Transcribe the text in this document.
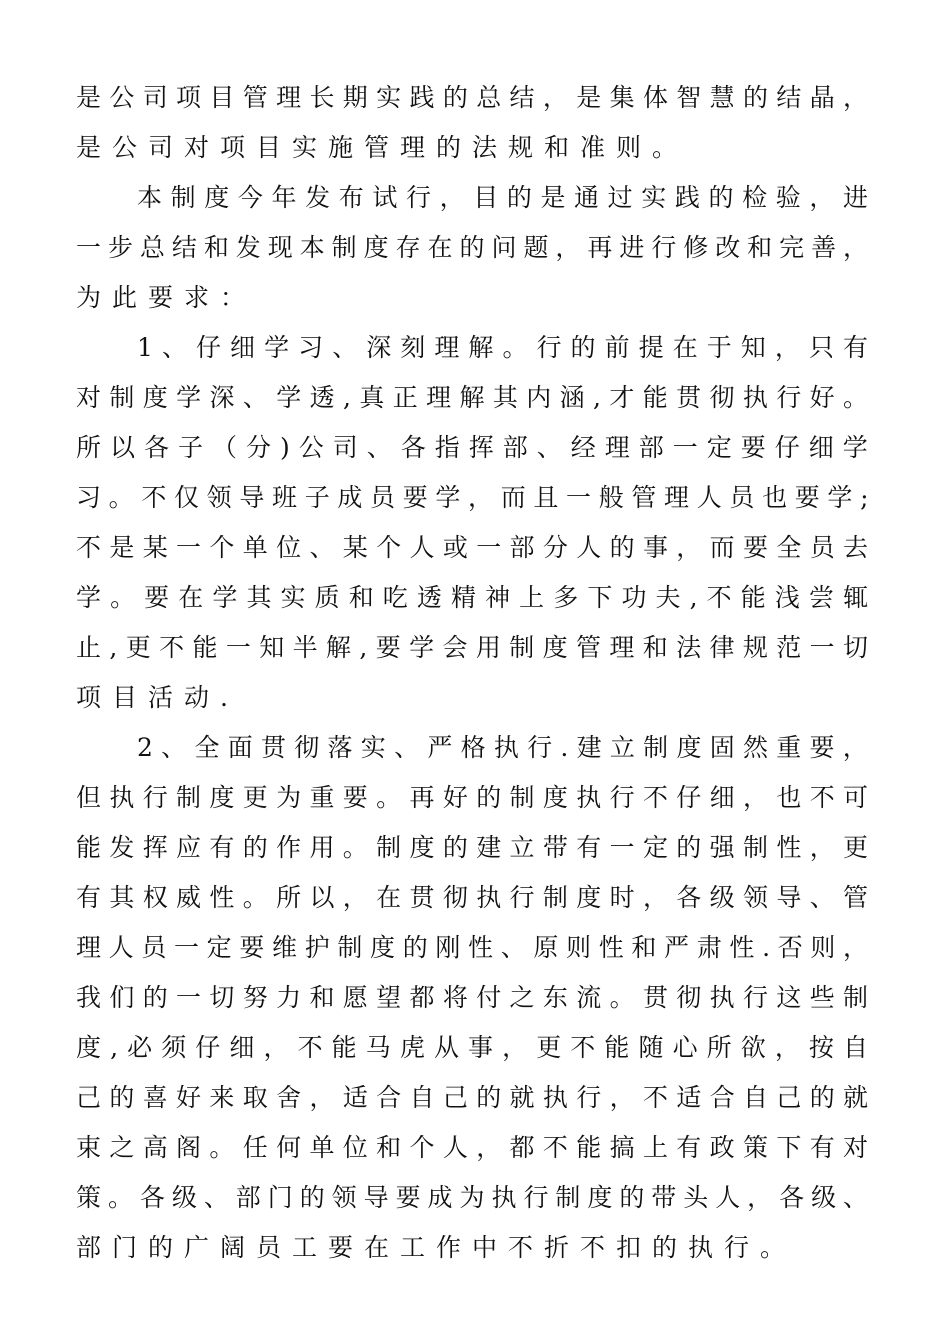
是公司项目管理长期实践的总结，是集体智慧的结晶，
是公司对项目实施管理的法规和准则。
本制度今年发布试行，目的是通过实践的检验，进
一步总结和发现本制度存在的问题，再进行修改和完善，
为此要求：
1、仔细学习、深刻理解。行的前提在于知，只有
对制度学深、学透,真正理解其内涵,才能贯彻执行好。
所以各子（分)公司、各指挥部、经理部一定要仔细学
习。不仅领导班子成员要学，而且一般管理人员也要学;
不是某一个单位、某个人或一部分人的事，而要全员去
学。要在学其实质和吃透精神上多下功夫,不能浅尝辄
止,更不能一知半解,要学会用制度管理和法律规范一切
项目活动.
2、全面贯彻落实、严格执行.建立制度固然重要，
但执行制度更为重要。再好的制度执行不仔细，也不可
能发挥应有的作用。制度的建立带有一定的强制性，更
有其权威性。所以，在贯彻执行制度时，各级领导、管
理人员一定要维护制度的刚性、原则性和严肃性.否则，
我们的一切努力和愿望都将付之东流。贯彻执行这些制
度,必须仔细，不能马虎从事，更不能随心所欲，按自
己的喜好来取舍，适合自己的就执行，不适合自己的就
束之高阁。任何单位和个人，都不能搞上有政策下有对
策。各级、部门的领导要成为执行制度的带头人，各级、
部门的广阔员工要在工作中不折不扣的执行。
